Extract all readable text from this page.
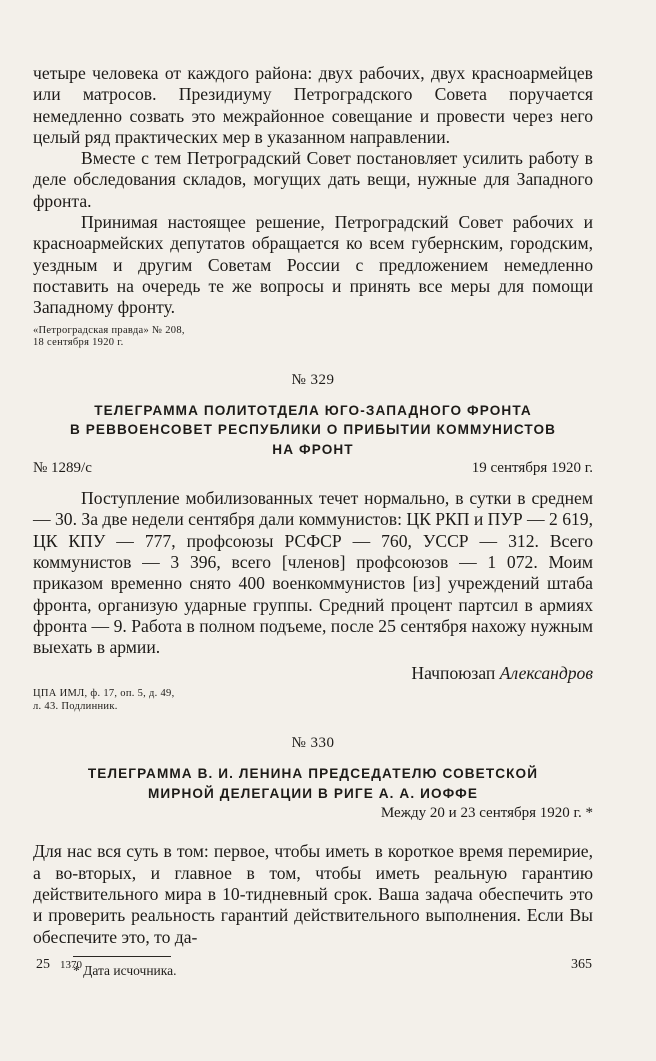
четыре человека от каждого района: двух рабочих, двух красноармейцев или матросов. Президиуму Петроградского Совета поручается немедленно созвать это межрайонное совещание и провести через него целый ряд практических мер в указанном направлении.

Вместе с тем Петроградский Совет постановляет усилить работу в деле обследования складов, могущих дать вещи, нужные для Западного фронта.

Принимая настоящее решение, Петроградский Совет рабочих и красноармейских депутатов обращается ко всем губернским, городским, уездным и другим Советам России с предложением немедленно поставить на очередь те же вопросы и принять все меры для помощи Западному фронту.

«Петроградская правда» № 208,
18 сентября 1920 г.
№ 329
ТЕЛЕГРАММА ПОЛИТОТДЕЛА ЮГО-ЗАПАДНОГО ФРОНТА
В РЕВВОЕНСОВЕТ РЕСПУБЛИКИ О ПРИБЫТИИ КОММУНИСТОВ
НА ФРОНТ
№ 1289/с	19 сентября 1920 г.

Поступление мобилизованных течет нормально, в сутки в среднем — 30. За две недели сентября дали коммунистов: ЦК РКП и ПУР — 2 619, ЦК КПУ — 777, профсоюзы РСФСР — 760, УССР — 312. Всего коммунистов — 3 396, всего [членов] профсоюзов — 1 072. Моим приказом временно снято 400 военкоммунистов [из] учреждений штаба фронта, организую ударные группы. Средний процент партсил в армиях фронта — 9. Работа в полном подъеме, после 25 сентября нахожу нужным выехать в армии.

Начпоюзап Александров
ЦПА ИМЛ, ф. 17, оп. 5, д. 49,
л. 43. Подлинник.
№ 330
ТЕЛЕГРАММА В. И. ЛЕНИНА ПРЕДСЕДАТЕЛЮ СОВЕТСКОЙ
МИРНОЙ ДЕЛЕГАЦИИ В РИГЕ А. А. ИОФФЕ
Между 20 и 23 сентября 1920 г. *

Для нас вся суть в том: первое, чтобы иметь в короткое время перемирие, а во-вторых, и главное в том, чтобы иметь реальную гарантию действительного мира в 10-тидневный срок. Ваша задача обеспечить это и проверить реальность гарантий действительного выполнения. Если Вы обеспечите это, то да-

* Дата исчочника.
25 1370	365
